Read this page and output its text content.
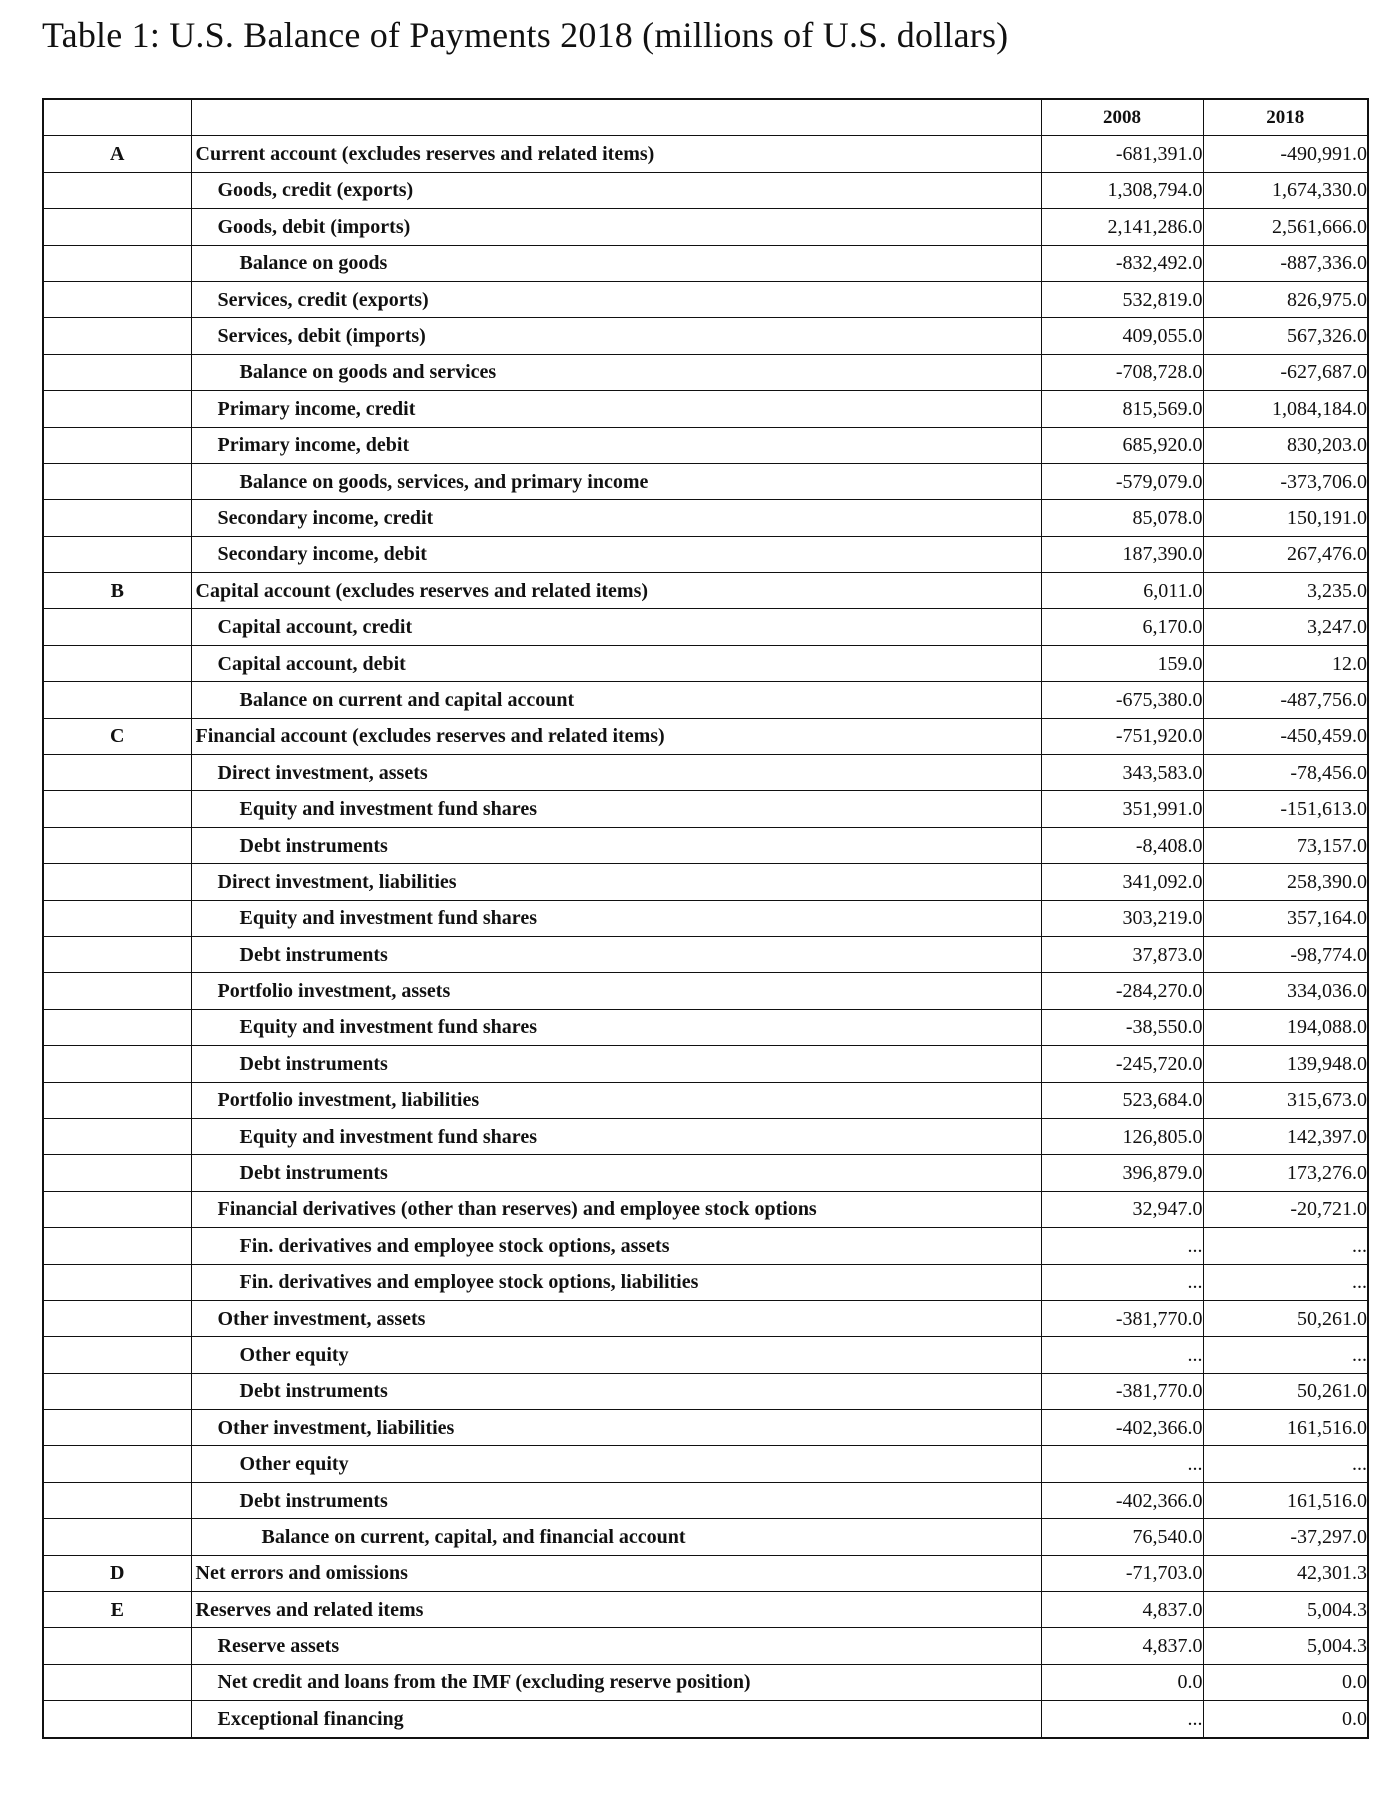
Table 1: U.S. Balance of Payments 2018 (millions of U.S. dollars)
		2008	2018
A	Current account (excludes reserves and related items)	-681,391.0	-490,991.0
	Goods, credit (exports)	1,308,794.0	1,674,330.0
	Goods, debit (imports)	2,141,286.0	2,561,666.0
	Balance on goods	-832,492.0	-887,336.0
	Services, credit (exports)	532,819.0	826,975.0
	Services, debit (imports)	409,055.0	567,326.0
	Balance on goods and services	-708,728.0	-627,687.0
	Primary income, credit	815,569.0	1,084,184.0
	Primary income, debit	685,920.0	830,203.0
	Balance on goods, services, and primary income	-579,079.0	-373,706.0
	Secondary income, credit	85,078.0	150,191.0
	Secondary income, debit	187,390.0	267,476.0
B	Capital account (excludes reserves and related items)	6,011.0	3,235.0
	Capital account, credit	6,170.0	3,247.0
	Capital account, debit	159.0	12.0
	Balance on current and capital account	-675,380.0	-487,756.0
C	Financial account (excludes reserves and related items)	-751,920.0	-450,459.0
	Direct investment, assets	343,583.0	-78,456.0
	Equity and investment fund shares	351,991.0	-151,613.0
	Debt instruments	-8,408.0	73,157.0
	Direct investment, liabilities	341,092.0	258,390.0
	Equity and investment fund shares	303,219.0	357,164.0
	Debt instruments	37,873.0	-98,774.0
	Portfolio investment, assets	-284,270.0	334,036.0
	Equity and investment fund shares	-38,550.0	194,088.0
	Debt instruments	-245,720.0	139,948.0
	Portfolio investment, liabilities	523,684.0	315,673.0
	Equity and investment fund shares	126,805.0	142,397.0
	Debt instruments	396,879.0	173,276.0
	Financial derivatives (other than reserves) and employee stock options	32,947.0	-20,721.0
	Fin. derivatives and employee stock options, assets	...	...
	Fin. derivatives and employee stock options, liabilities	...	...
	Other investment, assets	-381,770.0	50,261.0
	Other equity	...	...
	Debt instruments	-381,770.0	50,261.0
	Other investment, liabilities	-402,366.0	161,516.0
	Other equity	...	...
	Debt instruments	-402,366.0	161,516.0
	Balance on current, capital, and financial account	76,540.0	-37,297.0
D	Net errors and omissions	-71,703.0	42,301.3
E	Reserves and related items	4,837.0	5,004.3
	Reserve assets	4,837.0	5,004.3
	Net credit and loans from the IMF (excluding reserve position)	0.0	0.0
	Exceptional financing	...	0.0
